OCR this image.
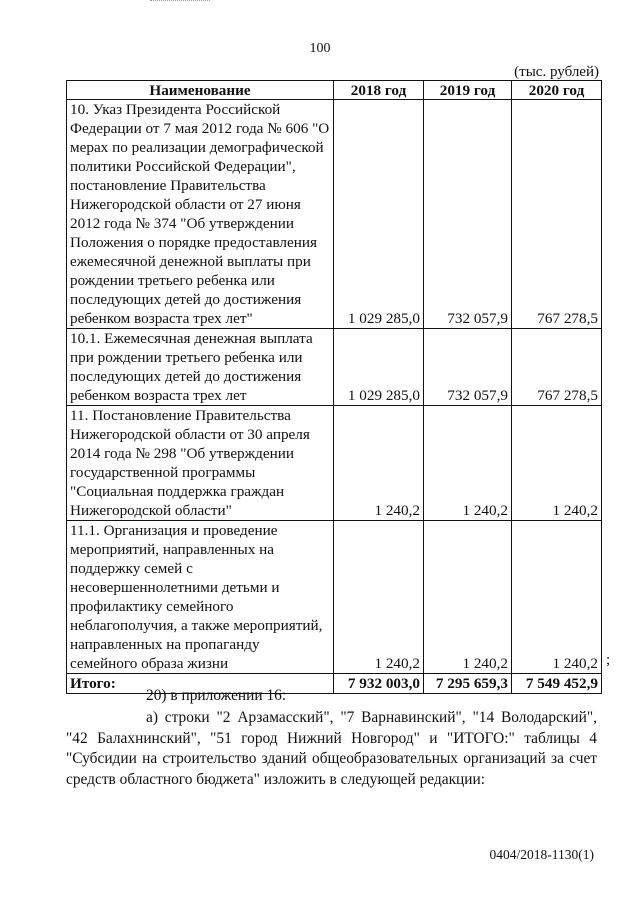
100
(тыс. рублей)
Наименование	2018 год	2019 год	2020 год
10. Указ Президента Российской Федерации от 7 мая 2012 года № 606 "О мерах по реализации демографической политики Российской Федерации", постановление Правительства Нижегородской области от 27 июня 2012 года № 374 "Об утверждении Положения о порядке предоставления ежемесячной денежной выплаты при рождении третьего ребенка или последующих детей до достижения ребенком возраста трех лет"	1 029 285,0	732 057,9	767 278,5
10.1. Ежемесячная денежная выплата при рождении третьего ребенка или последующих детей до достижения ребенком возраста трех лет	1 029 285,0	732 057,9	767 278,5
11. Постановление Правительства Нижегородской области от 30 апреля 2014 года № 298 "Об утверждении государственной программы "Социальная поддержка граждан Нижегородской области"	1 240,2	1 240,2	1 240,2
11.1. Организация и проведение мероприятий, направленных на поддержку семей с несовершеннолетними детьми и профилактику семейного неблагополучия, а также мероприятий, направленных на пропаганду семейного образа жизни	1 240,2	1 240,2	1 240,2
Итого:	7 932 003,0	7 295 659,3	7 549 452,9
;
20) в приложении 16:
а) строки "2 Арзамасский", "7 Варнавинский", "14 Володарский", "42 Балахнинский", "51 город Нижний Новгород" и "ИТОГО:" таблицы 4 "Субсидии на строительство зданий общеобразовательных организаций за счет средств областного бюджета" изложить в следующей редакции:
0404/2018-1130(1)
